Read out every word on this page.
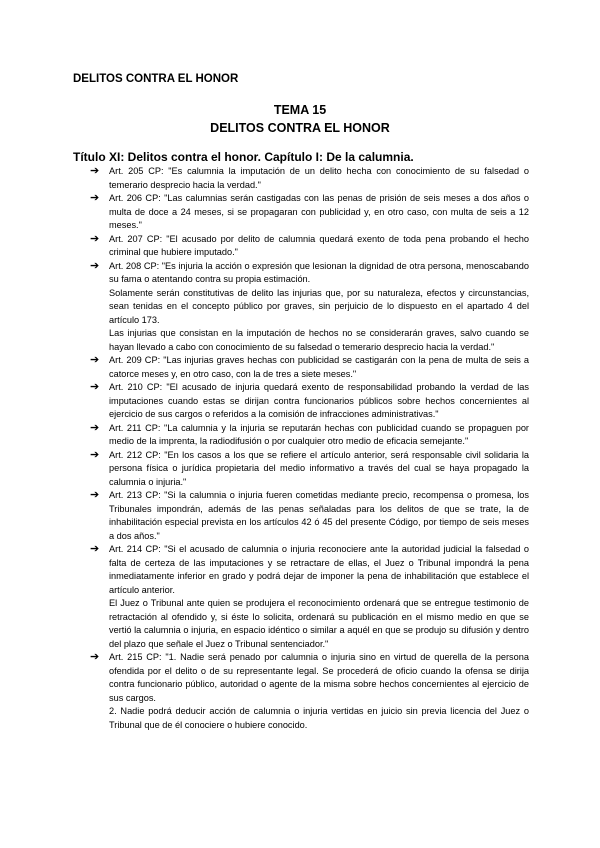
DELITOS CONTRA EL HONOR
TEMA 15
DELITOS CONTRA EL HONOR
Título XI: Delitos contra el honor. Capítulo I: De la calumnia.
➔ Art. 205 CP: "Es calumnia la imputación de un delito hecha con conocimiento de su falsedad o temerario desprecio hacia la verdad."

➔ Art. 206 CP: "Las calumnias serán castigadas con las penas de prisión de seis meses a dos años o multa de doce a 24 meses, si se propagaran con publicidad y, en otro caso, con multa de seis a 12 meses."

➔ Art. 207 CP: "El acusado por delito de calumnia quedará exento de toda pena probando el hecho criminal que hubiere imputado."

➔ Art. 208 CP: "Es injuria la acción o expresión que lesionan la dignidad de otra persona, menoscabando su fama o atentando contra su propia estimación.

Solamente serán constitutivas de delito las injurias que, por su naturaleza, efectos y circunstancias, sean tenidas en el concepto público por graves, sin perjuicio de lo dispuesto en el apartado 4 del artículo 173.

Las injurias que consistan en la imputación de hechos no se considerarán graves, salvo cuando se hayan llevado a cabo con conocimiento de su falsedad o temerario desprecio hacia la verdad."

➔ Art. 209 CP: "Las injurias graves hechas con publicidad se castigarán con la pena de multa de seis a catorce meses y, en otro caso, con la de tres a siete meses."

➔ Art. 210 CP: "El acusado de injuria quedará exento de responsabilidad probando la verdad de las imputaciones cuando estas se dirijan contra funcionarios públicos sobre hechos concernientes al ejercicio de sus cargos o referidos a la comisión de infracciones administrativas."

➔ Art. 211 CP: "La calumnia y la injuria se reputarán hechas con publicidad cuando se propaguen por medio de la imprenta, la radiodifusión o por cualquier otro medio de eficacia semejante."

➔ Art. 212 CP: "En los casos a los que se refiere el artículo anterior, será responsable civil solidaria la persona física o jurídica propietaria del medio informativo a través del cual se haya propagado la calumnia o injuria."

➔ Art. 213 CP: "Si la calumnia o injuria fueren cometidas mediante precio, recompensa o promesa, los Tribunales impondrán, además de las penas señaladas para los delitos de que se trate, la de inhabilitación especial prevista en los artículos 42 ó 45 del presente Código, por tiempo de seis meses a dos años."

➔ Art. 214 CP: "Si el acusado de calumnia o injuria reconociere ante la autoridad judicial la falsedad o falta de certeza de las imputaciones y se retractare de ellas, el Juez o Tribunal impondrá la pena inmediatamente inferior en grado y podrá dejar de imponer la pena de inhabilitación que establece el artículo anterior.

El Juez o Tribunal ante quien se produjera el reconocimiento ordenará que se entregue testimonio de retractación al ofendido y, si éste lo solicita, ordenará su publicación en el mismo medio en que se vertió la calumnia o injuria, en espacio idéntico o similar a aquél en que se produjo su difusión y dentro del plazo que señale el Juez o Tribunal sentenciador."

➔ Art. 215 CP: "1. Nadie será penado por calumnia o injuria sino en virtud de querella de la persona ofendida por el delito o de su representante legal. Se procederá de oficio cuando la ofensa se dirija contra funcionario público, autoridad o agente de la misma sobre hechos concernientes al ejercicio de sus cargos.

2. Nadie podrá deducir acción de calumnia o injuria vertidas en juicio sin previa licencia del Juez o Tribunal que de él conociere o hubiere conocido.
